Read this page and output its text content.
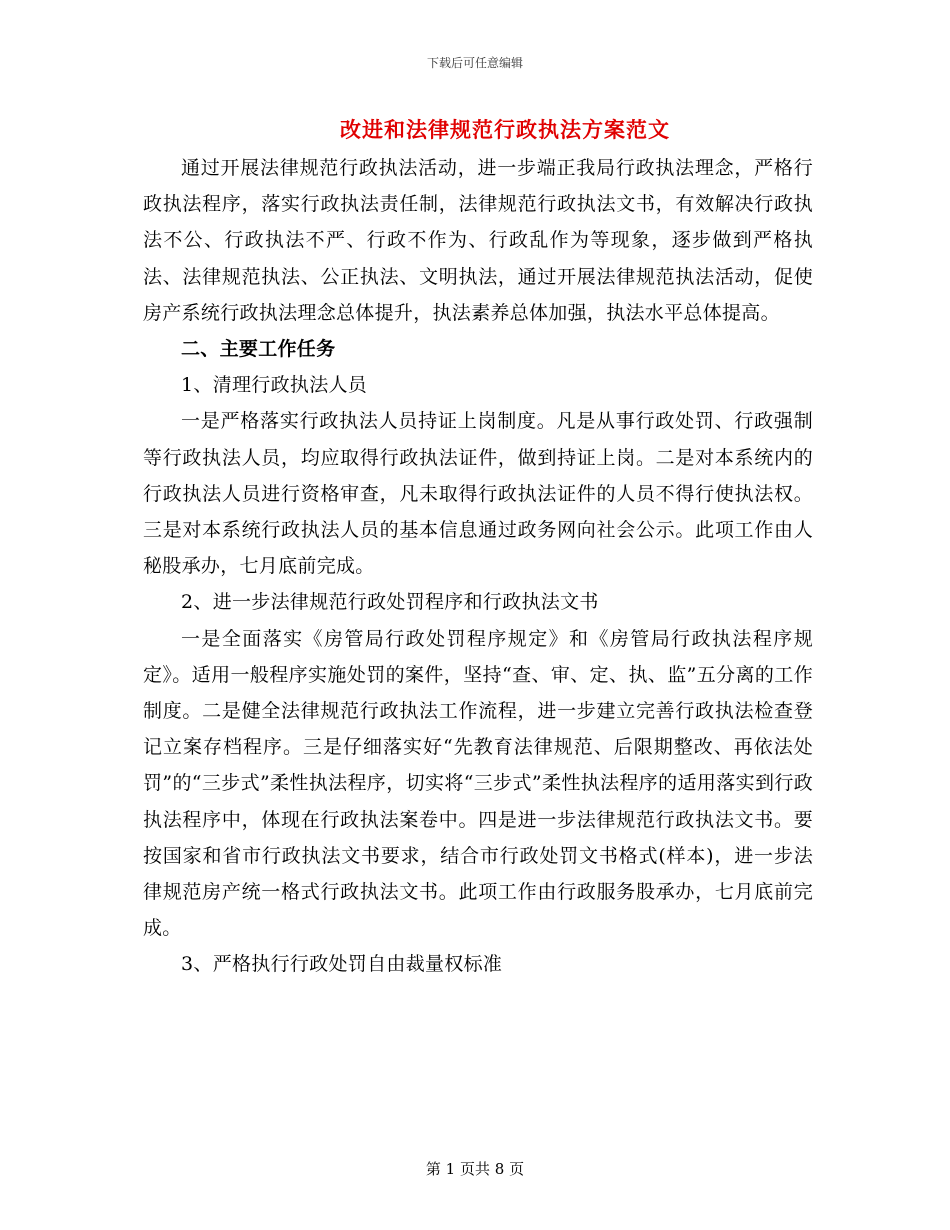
下载后可任意编辑
改进和法律规范行政执法方案范文

通过开展法律规范行政执法活动，进一步端正我局行政执法理念，严格行政执法程序，落实行政执法责任制，法律规范行政执法文书，有效解决行政执法不公、行政执法不严、行政不作为、行政乱作为等现象，逐步做到严格执法、法律规范执法、公正执法、文明执法，通过开展法律规范执法活动，促使房产系统行政执法理念总体提升，执法素养总体加强，执法水平总体提高。

二、主要工作任务

1、清理行政执法人员

一是严格落实行政执法人员持证上岗制度。凡是从事行政处罚、行政强制等行政执法人员，均应取得行政执法证件，做到持证上岗。二是对本系统内的行政执法人员进行资格审查，凡未取得行政执法证件的人员不得行使执法权。三是对本系统行政执法人员的基本信息通过政务网向社会公示。此项工作由人秘股承办，七月底前完成。

2、进一步法律规范行政处罚程序和行政执法文书

一是全面落实《房管局行政处罚程序规定》和《房管局行政执法程序规定》。适用一般程序实施处罚的案件，坚持“查、审、定、执、监”五分离的工作制度。二是健全法律规范行政执法工作流程，进一步建立完善行政执法检查登记立案存档程序。三是仔细落实好“先教育法律规范、后限期整改、再依法处罚”的“三步式”柔性执法程序，切实将“三步式”柔性执法程序的适用落实到行政执法程序中，体现在行政执法案卷中。四是进一步法律规范行政执法文书。要按国家和省市行政执法文书要求，结合市行政处罚文书格式(样本)，进一步法律规范房产统一格式行政执法文书。此项工作由行政服务股承办，七月底前完成。

3、严格执行行政处罚自由裁量权标准

第 1 页共 8 页
